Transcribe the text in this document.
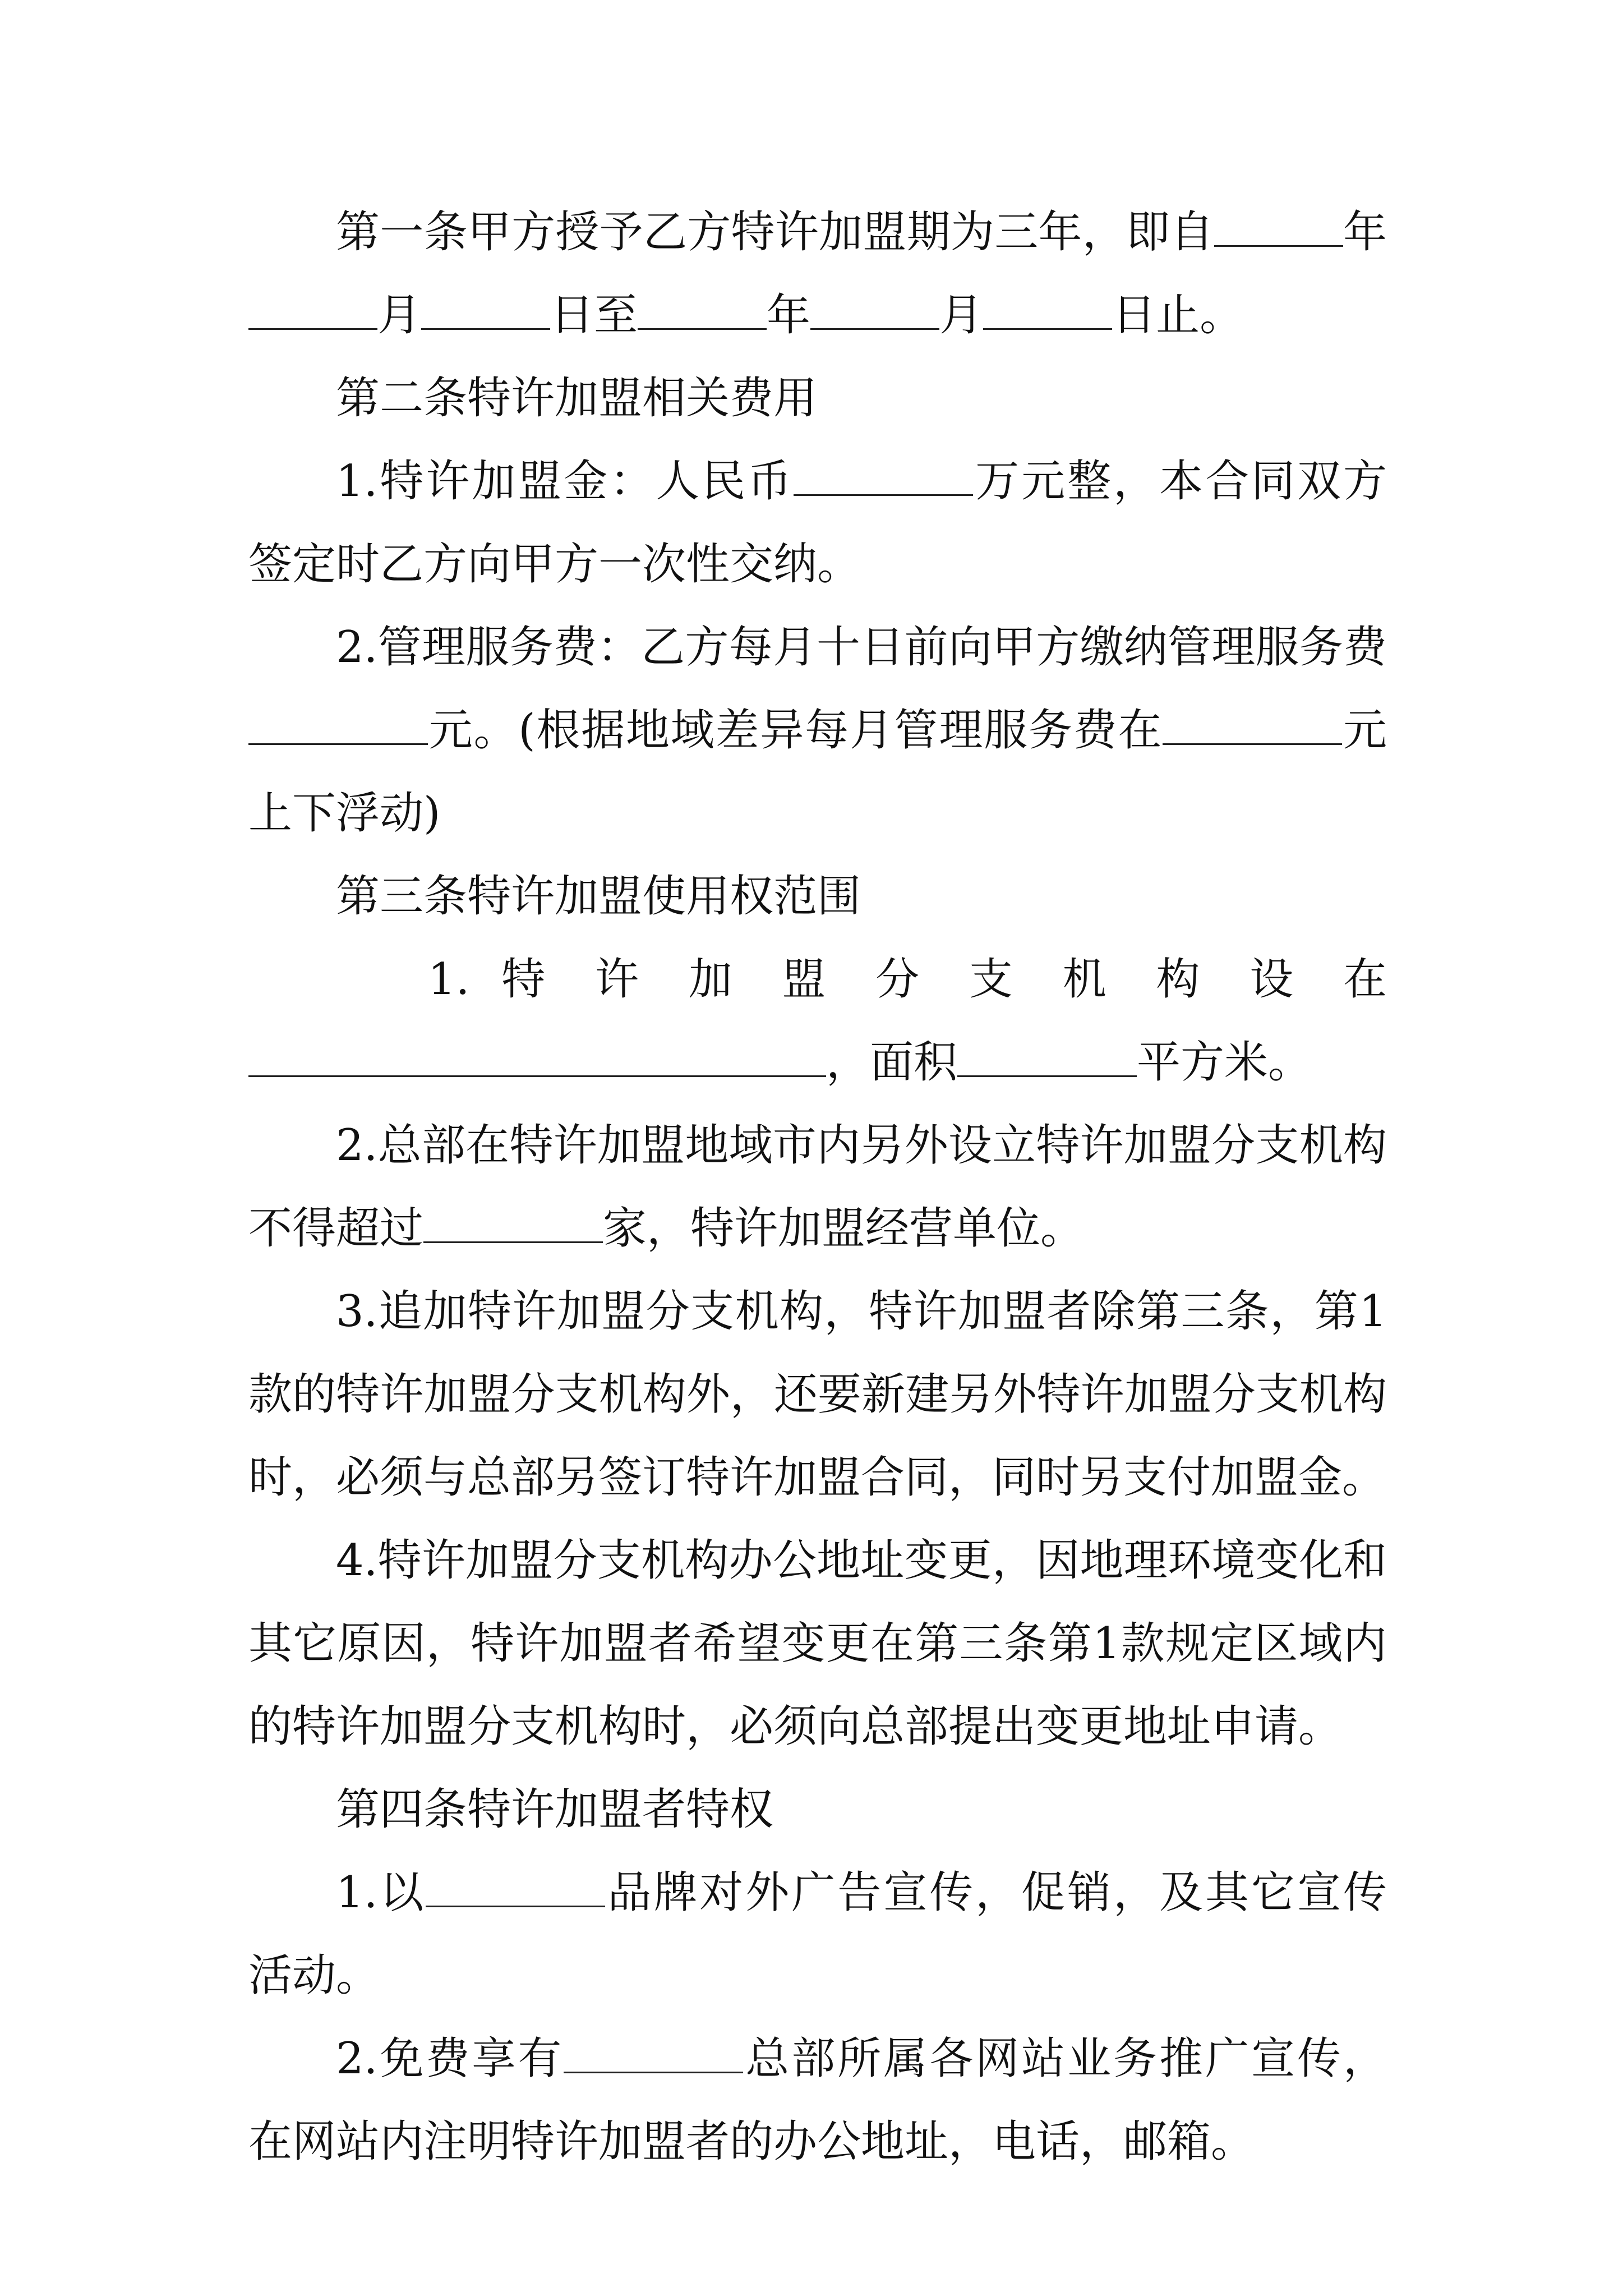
第一条甲方授予乙方特许加盟期为三年，即自	年月	日至	年	月	日止。

第二条特许加盟相关费用

1.特许加盟金：人民币	万元整，本合同双方签定时乙方向甲方一次性交纳。

2.管理服务费：乙方每月十日前向甲方缴纳管理服务费元。(根据地域差异每月管理服务费在	元上下浮动)

第三条特许加盟使用权范围

1. 特 许 加 盟 分 支 机 构 设 在

，面积	平方米。

2.总部在特许加盟地域市内另外设立特许加盟分支机构不得超过	家，特许加盟经营单位。

3.追加特许加盟分支机构，特许加盟者除第三条，第1款的特许加盟分支机构外，还要新建另外特许加盟分支机构时，必须与总部另签订特许加盟合同，同时另支付加盟金。

4.特许加盟分支机构办公地址变更，因地理环境变化和其它原因，特许加盟者希望变更在第三条第1款规定区域内的特许加盟分支机构时，必须向总部提出变更地址申请。

第四条特许加盟者特权

1.以	品牌对外广告宣传，促销，及其它宣传活动。

2.免费享有	总部所属各网站业务推广宣传，在网站内注明特许加盟者的办公地址，电话，邮箱。
